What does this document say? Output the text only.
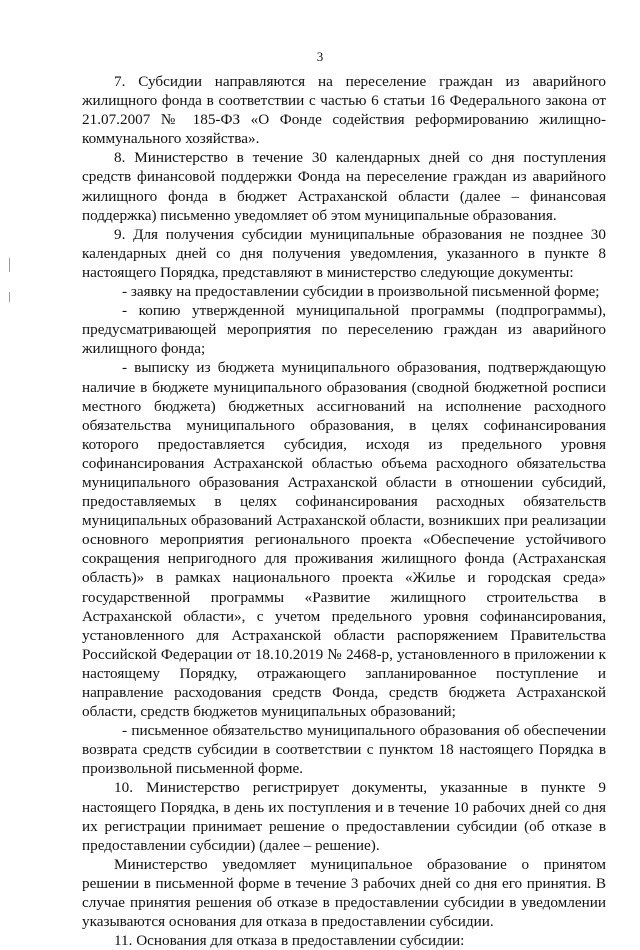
3

7. Субсидии направляются на переселение граждан из аварийного жилищного фонда в соответствии с частью 6 статьи 16 Федерального закона от 21.07.2007 № 185-ФЗ «О Фонде содействия реформированию жилищно-коммунального хозяйства».

8. Министерство в течение 30 календарных дней со дня поступления средств финансовой поддержки Фонда на переселение граждан из аварийного жилищного фонда в бюджет Астраханской области (далее – финансовая поддержка) письменно уведомляет об этом муниципальные образования.

9. Для получения субсидии муниципальные образования не позднее 30 календарных дней со дня получения уведомления, указанного в пункте 8 настоящего Порядка, представляют в министерство следующие документы:

- заявку на предоставлении субсидии в произвольной письменной форме;

- копию утвержденной муниципальной программы (подпрограммы), предусматривающей мероприятия по переселению граждан из аварийного жилищного фонда;

- выписку из бюджета муниципального образования, подтверждающую наличие в бюджете муниципального образования (сводной бюджетной росписи местного бюджета) бюджетных ассигнований на исполнение расходного обязательства муниципального образования, в целях софинансирования которого предоставляется субсидия, исходя из предельного уровня софинансирования Астраханской областью объема расходного обязательства муниципального образования Астраханской области в отношении субсидий, предоставляемых в целях софинансирования расходных обязательств муниципальных образований Астраханской области, возникших при реализации основного мероприятия регионального проекта «Обеспечение устойчивого сокращения непригодного для проживания жилищного фонда (Астраханская область)» в рамках национального проекта «Жилье и городская среда» государственной программы «Развитие жилищного строительства в Астраханской области», с учетом предельного уровня софинансирования, установленного для Астраханской области распоряжением Правительства Российской Федерации от 18.10.2019 № 2468-р, установленного в приложении к настоящему Порядку, отражающего запланированное поступление и направление расходования средств Фонда, средств бюджета Астраханской области, средств бюджетов муниципальных образований;

- письменное обязательство муниципального образования об обеспечении возврата средств субсидии в соответствии с пунктом 18 настоящего Порядка в произвольной письменной форме.

10. Министерство регистрирует документы, указанные в пункте 9 настоящего Порядка, в день их поступления и в течение 10 рабочих дней со дня их регистрации принимает решение о предоставлении субсидии (об отказе в предоставлении субсидии) (далее – решение).

Министерство уведомляет муниципальное образование о принятом решении в письменной форме в течение 3 рабочих дней со дня его принятия. В случае принятия решения об отказе в предоставлении субсидии в уведомлении указываются основания для отказа в предоставлении субсидии.

11. Основания для отказа в предоставлении субсидии:
